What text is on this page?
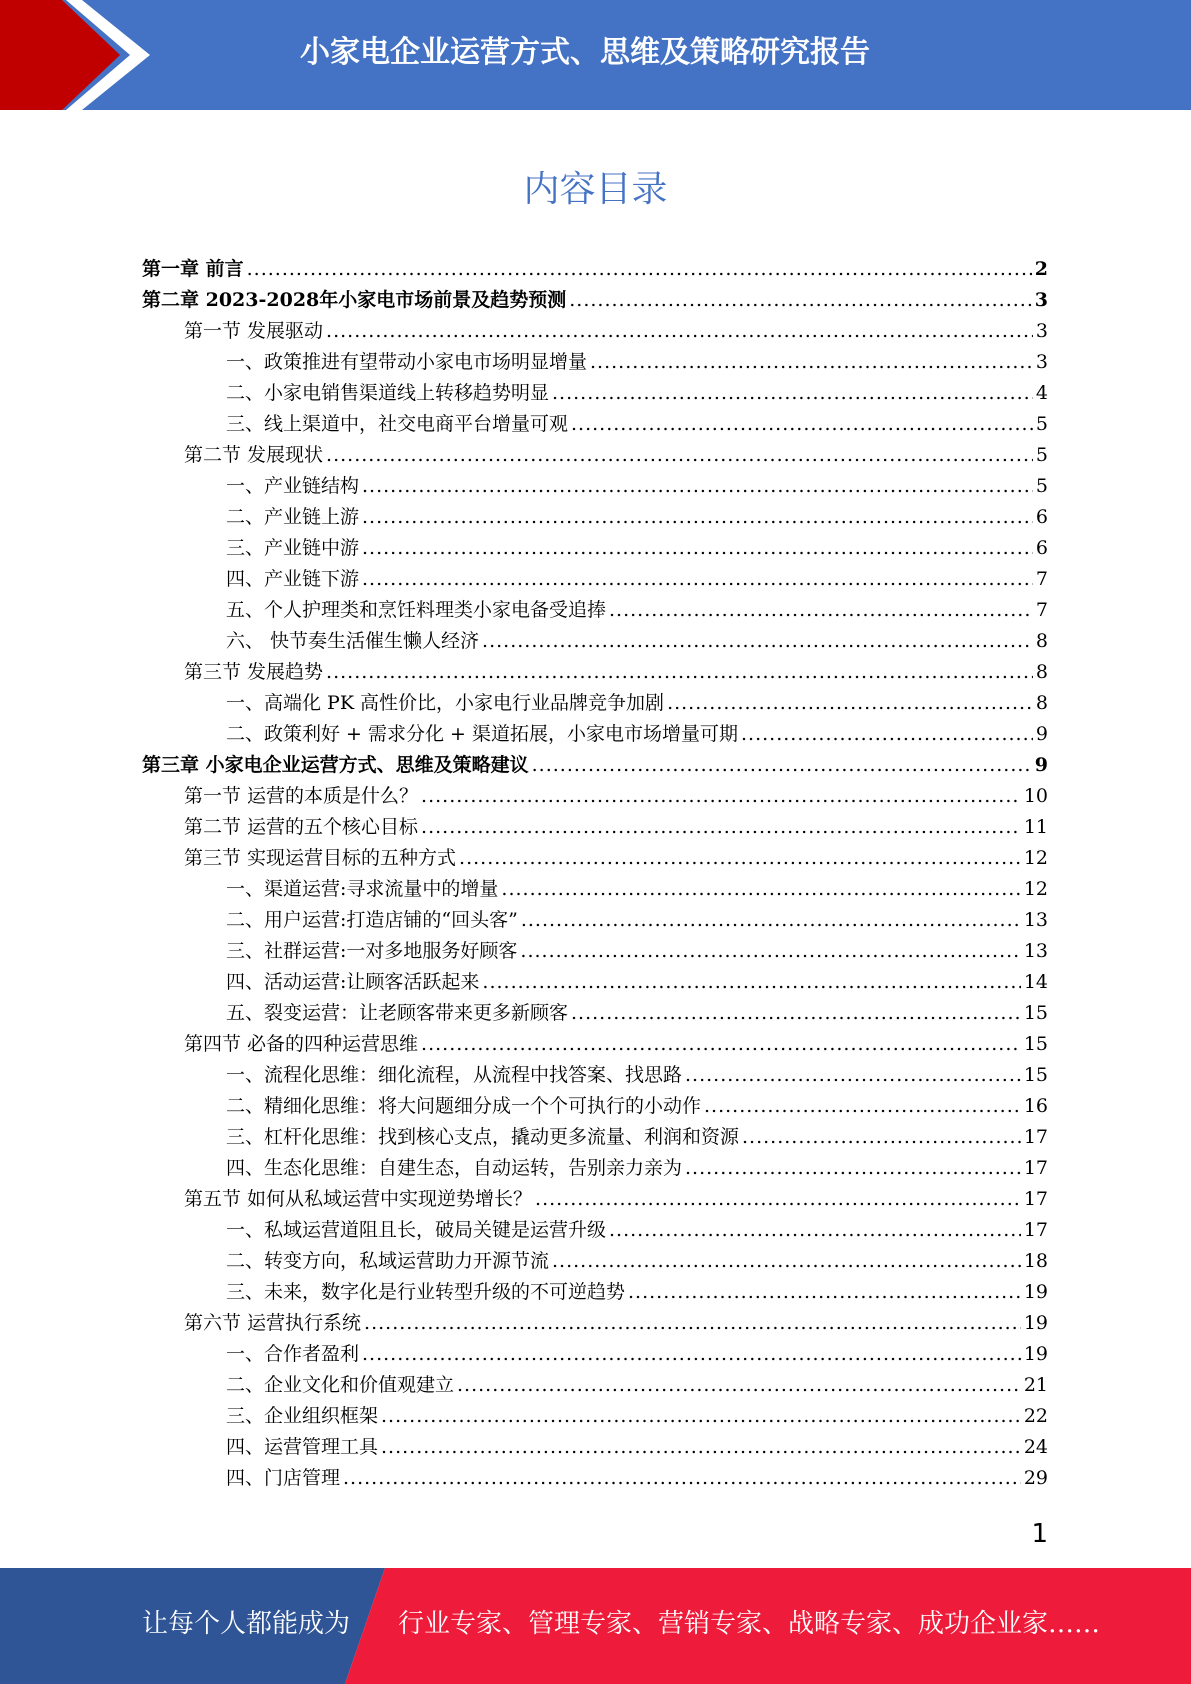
小家电企业运营方式、思维及策略研究报告
内容目录
第一章 前言 .....	2
第二章 2023-2028年小家电市场前景及趋势预测 .....	3
第一节 发展驱动 .....	3
一、政策推进有望带动小家电市场明显增量 .....	3
二、小家电销售渠道线上转移趋势明显 .....	4
三、线上渠道中，社交电商平台增量可观 .....	5
第二节 发展现状 .....	5
一、产业链结构 .....	5
二、产业链上游 .....	6
三、产业链中游 .....	6
四、产业链下游 .....	7
五、个人护理类和烹饪料理类小家电备受追捧 .....	7
六、 快节奏生活催生懒人经济 .....	8
第三节 发展趋势 .....	8
一、高端化 PK 高性价比，小家电行业品牌竞争加剧 .....	8
二、政策利好 + 需求分化 + 渠道拓展，小家电市场增量可期 .....	9
第三章 小家电企业运营方式、思维及策略建议 .....	9
第一节 运营的本质是什么？ .....	10
第二节 运营的五个核心目标 .....	11
第三节 实现运营目标的五种方式 .....	12
一、渠道运营:寻求流量中的增量 .....	12
二、用户运营:打造店铺的“回头客” .....	13
三、社群运营:一对多地服务好顾客 .....	13
四、活动运营:让顾客活跃起来 .....	14
五、裂变运营：让老顾客带来更多新顾客 .....	15
第四节 必备的四种运营思维 .....	15
一、流程化思维：细化流程，从流程中找答案、找思路 .....	15
二、精细化思维：将大问题细分成一个个可执行的小动作 .....	16
三、杠杆化思维：找到核心支点，撬动更多流量、利润和资源 .....	17
四、生态化思维：自建生态，自动运转，告别亲力亲为 .....	17
第五节 如何从私域运营中实现逆势增长？ .....	17
一、私域运营道阻且长，破局关键是运营升级 .....	17
二、转变方向，私域运营助力开源节流 .....	18
三、未来，数字化是行业转型升级的不可逆趋势 .....	19
第六节 运营执行系统 .....	19
一、合作者盈利 .....	19
二、企业文化和价值观建立 .....	21
三、企业组织框架 .....	22
四、运营管理工具 .....	24
四、门店管理 .....	29
1
让每个人都能成为 行业专家、管理专家、营销专家、战略专家、成功企业家……
